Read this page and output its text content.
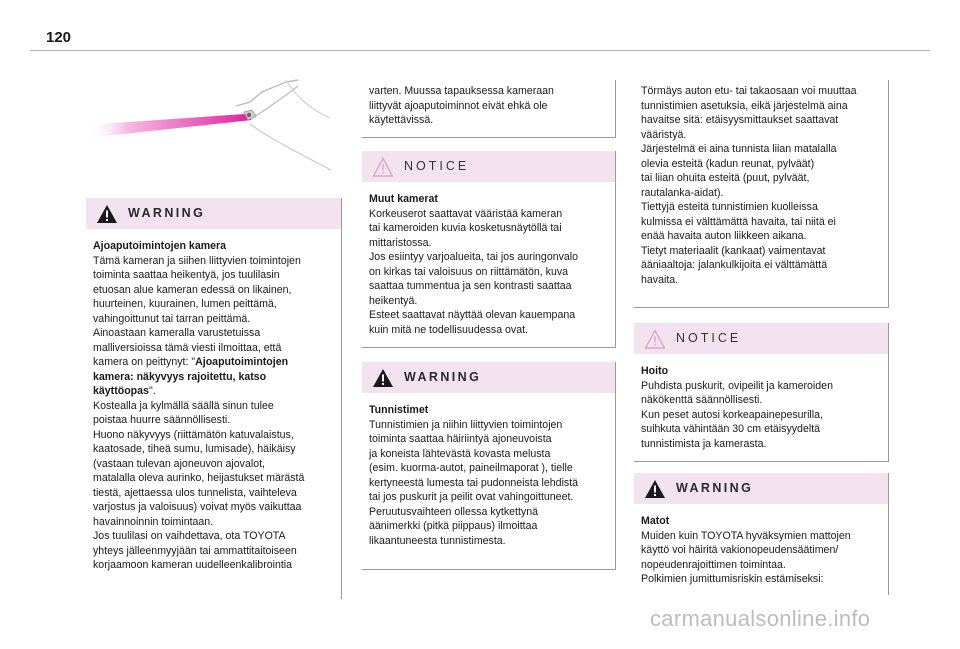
120
WARNING

Ajoaputoimintojen kamera

Tämä kameran ja siihen liittyvien toimintojen

toiminta saattaa heikentyä, jos tuulilasin

etuosan alue kameran edessä on likainen,

huurteinen, kuurainen, lumen peittämä,

vahingoittunut tai tarran peittämä.

Ainoastaan kameralla varustetuissa

malliversioissa tämä viesti ilmoittaa, että

kamera on peittynyt: "Ajoaputoimintojen

kamera: näkyvyys rajoitettu, katso

käyttöopas".

Kostealla ja kylmällä säällä sinun tulee

poistaa huurre säännöllisesti.

Huono näkyvyys (riittämätön katuvalaistus,

kaatosade, tiheä sumu, lumisade), häikäisy

(vastaan tulevan ajoneuvon ajovalot,

matalalla oleva aurinko, heijastukset märästä

tiestä, ajettaessa ulos tunnelista, vaihteleva

varjostus ja valoisuus) voivat myös vaikuttaa

havainnoinnin toimintaan.

Jos tuulilasi on vaihdettava, ota TOYOTA

yhteys jälleenmyyjään tai ammattitaitoiseen

korjaamoon kameran uudelleenkalibrointia

varten. Muussa tapauksessa kameraan

liittyvät ajoaputoiminnot eivät ehkä ole

käytettävissä.

NOTICE

Muut kamerat

Korkeuserot saattavat vääristää kameran

tai kameroiden kuvia kosketusnäytöllä tai

mittaristossa.

Jos esiintyy varjoalueita, tai jos auringonvalo

on kirkas tai valoisuus on riittämätön, kuva

saattaa tummentua ja sen kontrasti saattaa

heikentyä.

Esteet saattavat näyttää olevan kauempana

kuin mitä ne todellisuudessa ovat.

WARNING

Tunnistimet

Tunnistimien ja niihin liittyvien toimintojen

toiminta saattaa häiriintyä ajoneuvoista

ja koneista lähtevästä kovasta melusta

(esim. kuorma-autot, paineilmaporat ), tielle

kertyneestä lumesta tai pudonneista lehdistä

tai jos puskurit ja peilit ovat vahingoittuneet.

Peruutusvaihteen ollessa kytkettynä

äänimerkki (pitkä piippaus) ilmoittaa

likaantuneesta tunnistimesta.

Törmäys auton etu- tai takaosaan voi muuttaa

tunnistimien asetuksia, eikä järjestelmä aina

havaitse sitä: etäisyysmittaukset saattavat

vääristyä.

Järjestelmä ei aina tunnista liian matalalla

olevia esteitä (kadun reunat, pylväät)

tai liian ohuita esteitä (puut, pylväät,

rautalanka-aidat).

Tiettyjä esteitä tunnistimien kuolleissa

kulmissa ei välttämättä havaita, tai niitä ei

enää havaita auton liikkeen aikana.

Tietyt materiaalit (kankaat) vaimentavat

ääniaaltoja: jalankulkijoita ei välttämättä

havaita.

NOTICE

Hoito

Puhdista puskurit, ovipeilit ja kameroiden

näkökenttä säännöllisesti.

Kun peset autosi korkeapainepesurilla,

suihkuta vähintään 30 cm etäisyydeltä

tunnistimista ja kamerasta.

WARNING

Matot

Muiden kuin TOYOTA hyväksymien mattojen

käyttö voi häiritä vakionopeudensäätimen/

nopeudenrajoittimen toimintaa.

Polkimien jumittumisriskin estämiseksi:

carmanualsonline.info
